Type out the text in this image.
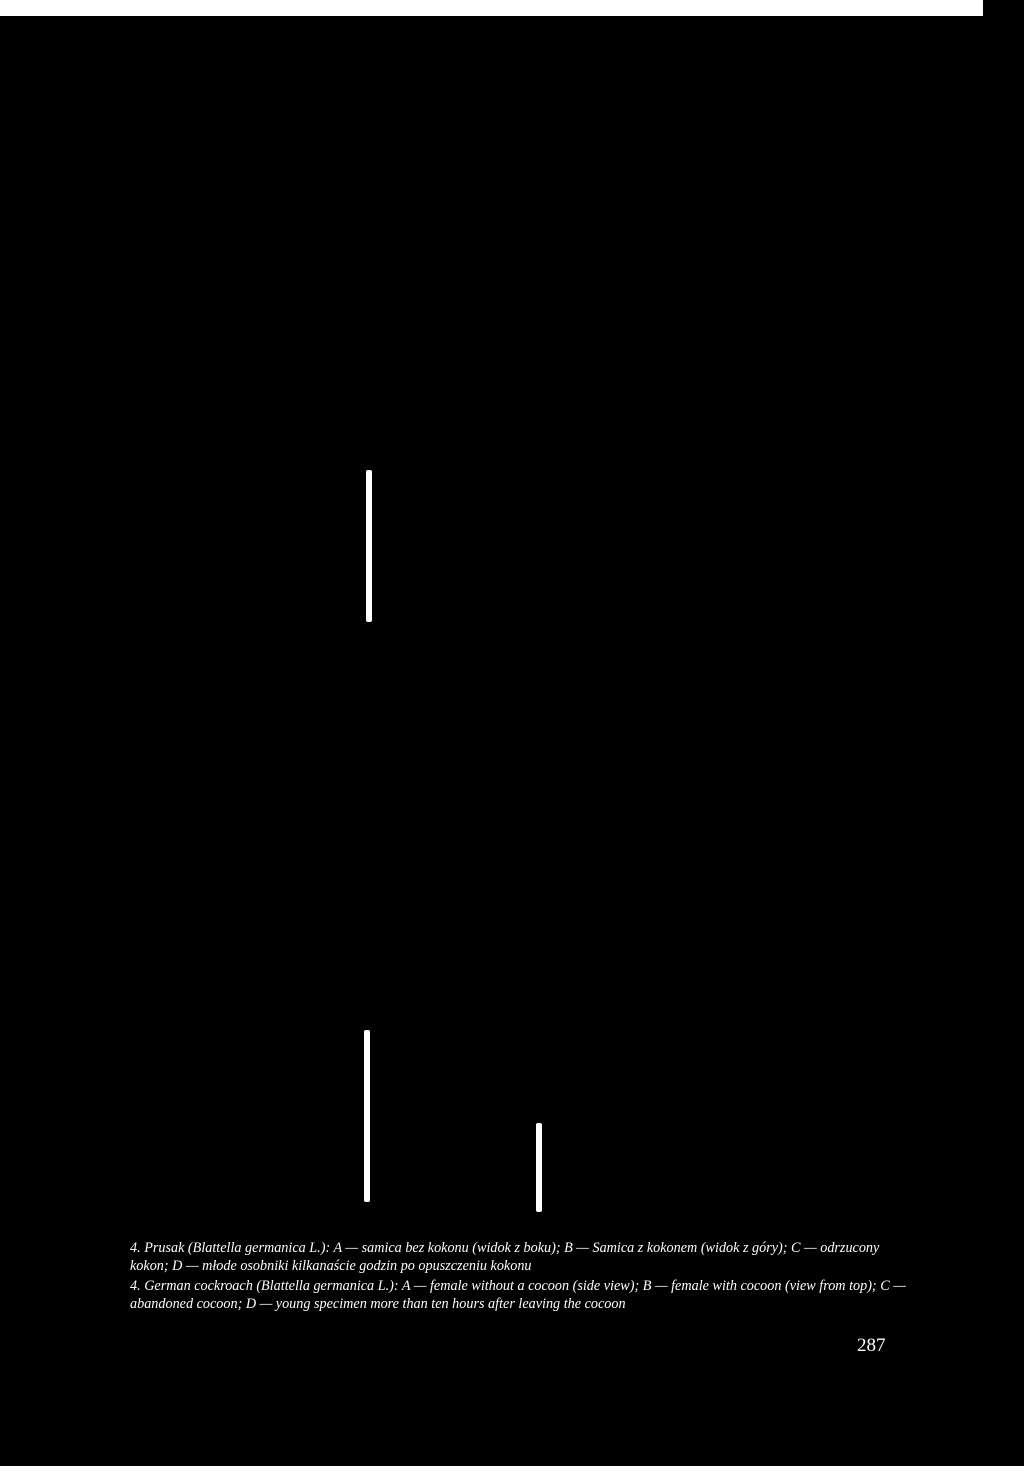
4. Prusak (Blattella germanica L.): A — samica bez kokonu (widok z boku); B — Samica z kokonem (widok z góry); C — odrzucony kokon; D — młode osobniki kilkanaście godzin po opuszczeniu kokonu

4. German cockroach (Blattella germanica L.): A — female without a cocoon (side view); B — female with cocoon (view from top); C — abandoned cocoon; D — young specimen more than ten hours after leaving the cocoon

287
